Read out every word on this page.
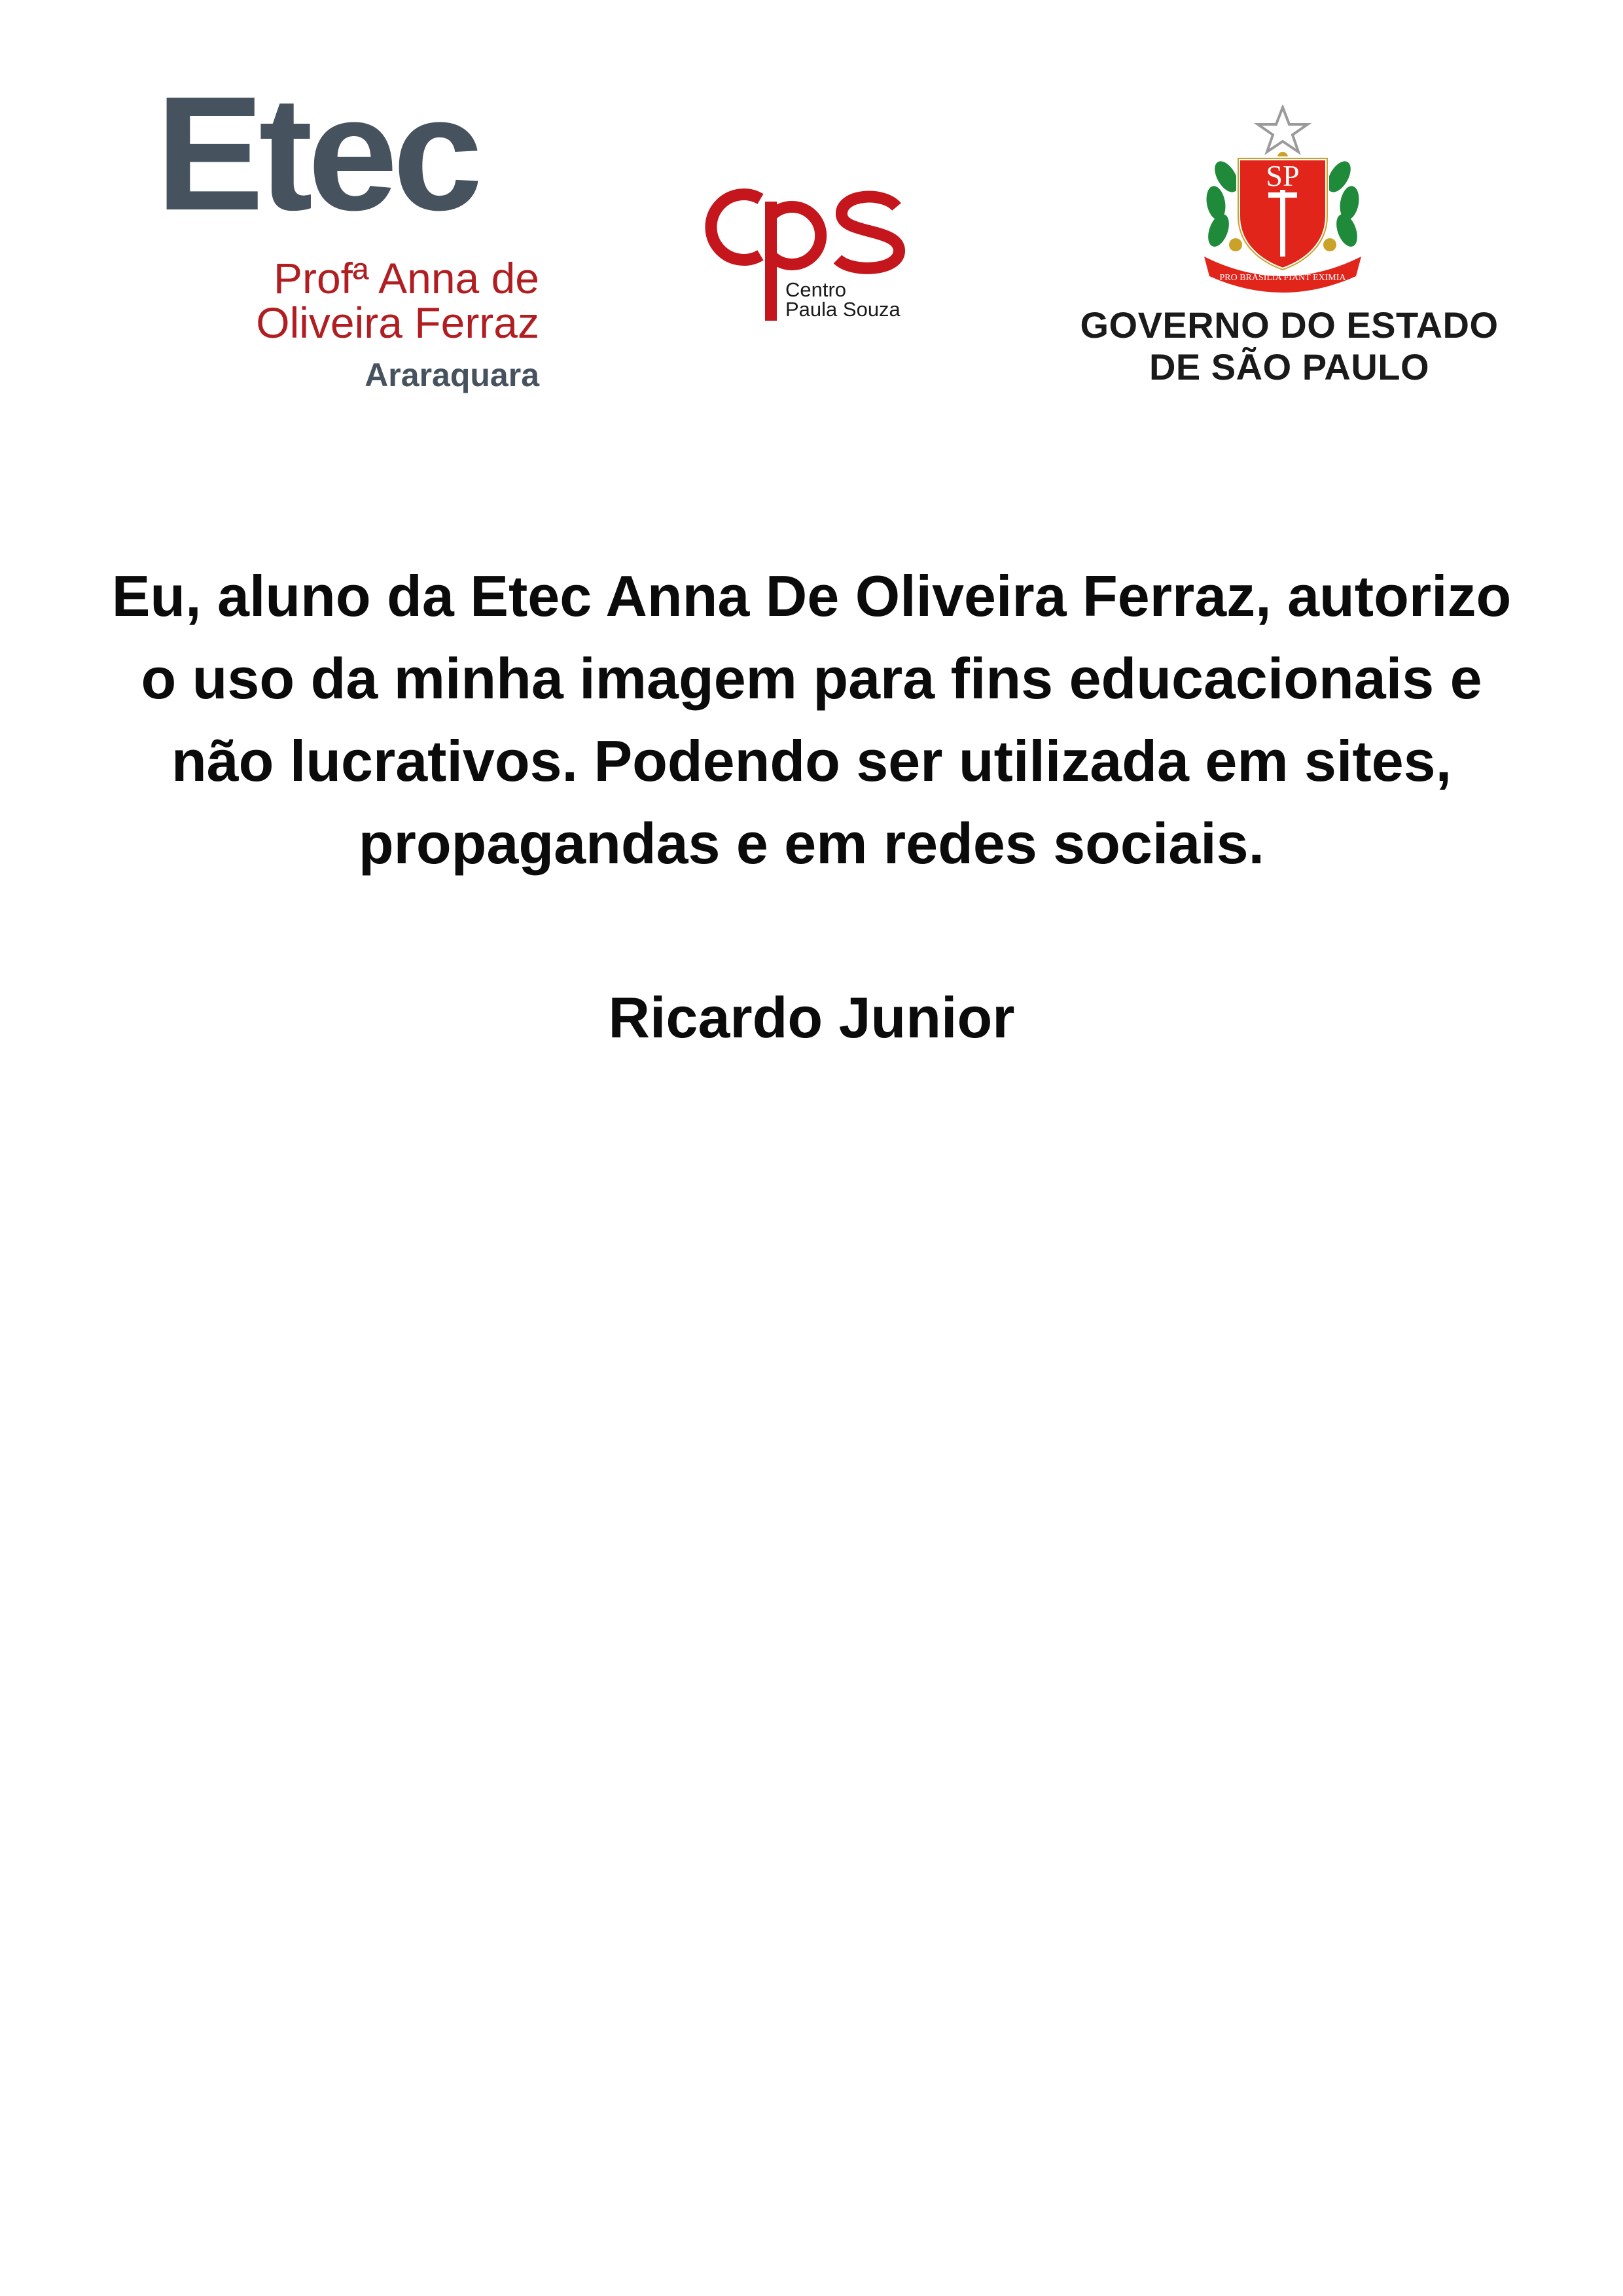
Etec
Profª Anna de
Oliveira Ferraz
Araraquara
Centro
Paula Souza
PRO BRASILIA FIANT EXIMIA
SP
GOVERNO DO ESTADO
DE SÃO PAULO
Eu, aluno da Etec Anna De Oliveira Ferraz, autorizo
o uso da minha imagem para fins educacionais e
não lucrativos. Podendo ser utilizada em sites,
propagandas e em redes sociais.
Ricardo Junior
